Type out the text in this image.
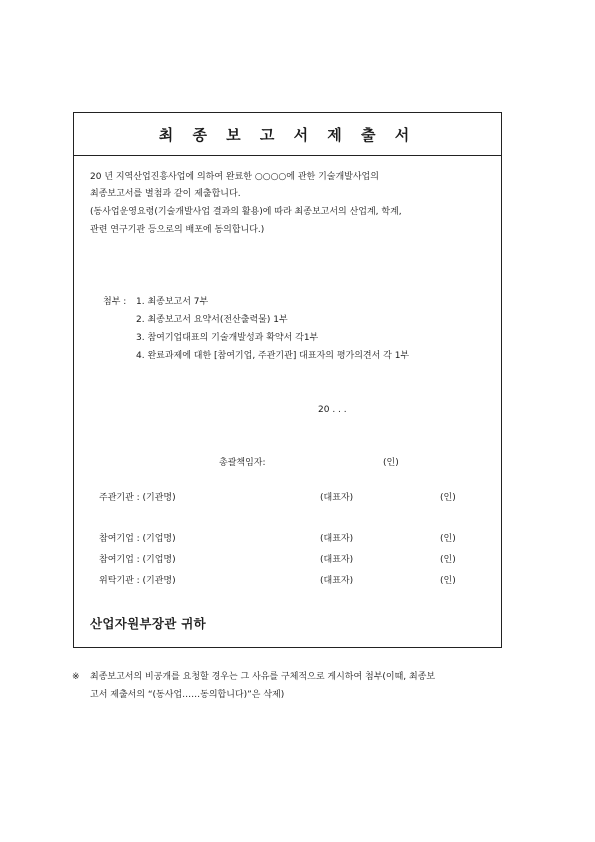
최 종 보 고 서 제 출 서
20 년 지역산업진흥사업에 의하여 완료한 ○○○○에 관한 기술개발사업의
최종보고서를 별첨과 같이 제출합니다.
(동사업운영요령(기술개발사업 결과의 활용)에 따라 최종보고서의 산업계, 학계,
관련 연구기관 등으로의 배포에 동의합니다.)
첨부 : 1. 최종보고서 7부
2. 최종보고서 요약서(전산출력물) 1부
3. 참여기업대표의 기술개발성과 확약서 각1부
4. 완료과제에 대한 [참여기업, 주관기관] 대표자의 평가의견서 각 1부
20 . . .
총괄책임자:	(인)
주관기관 : (기관명)	(대표자)	(인)
참여기업 : (기업명)	(대표자)	(인)
참여기업 : (기업명)	(대표자)	(인)
위탁기관 : (기관명)	(대표자)	(인)
산업자원부장관 귀하
※ 최종보고서의 비공개를 요청할 경우는 그 사유를 구체적으로 게시하여 첨부(이때, 최종보
고서 제출서의 “(동사업……동의합니다)”은 삭제)
